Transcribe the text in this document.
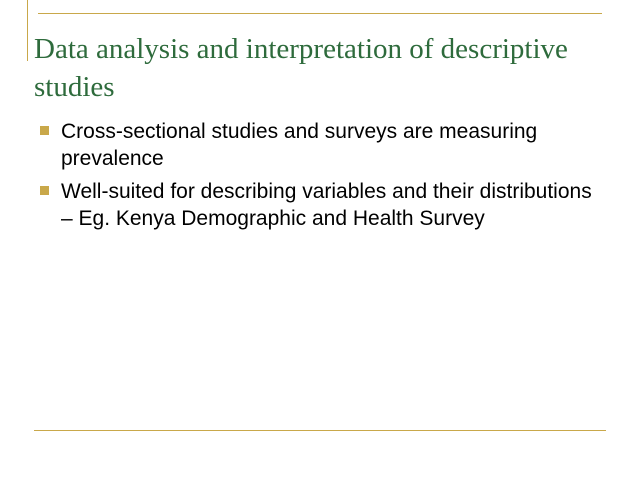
Data analysis and interpretation of descriptive studies
Cross-sectional studies and surveys are measuring prevalence
Well-suited for describing variables and their distributions – Eg. Kenya Demographic and Health Survey
